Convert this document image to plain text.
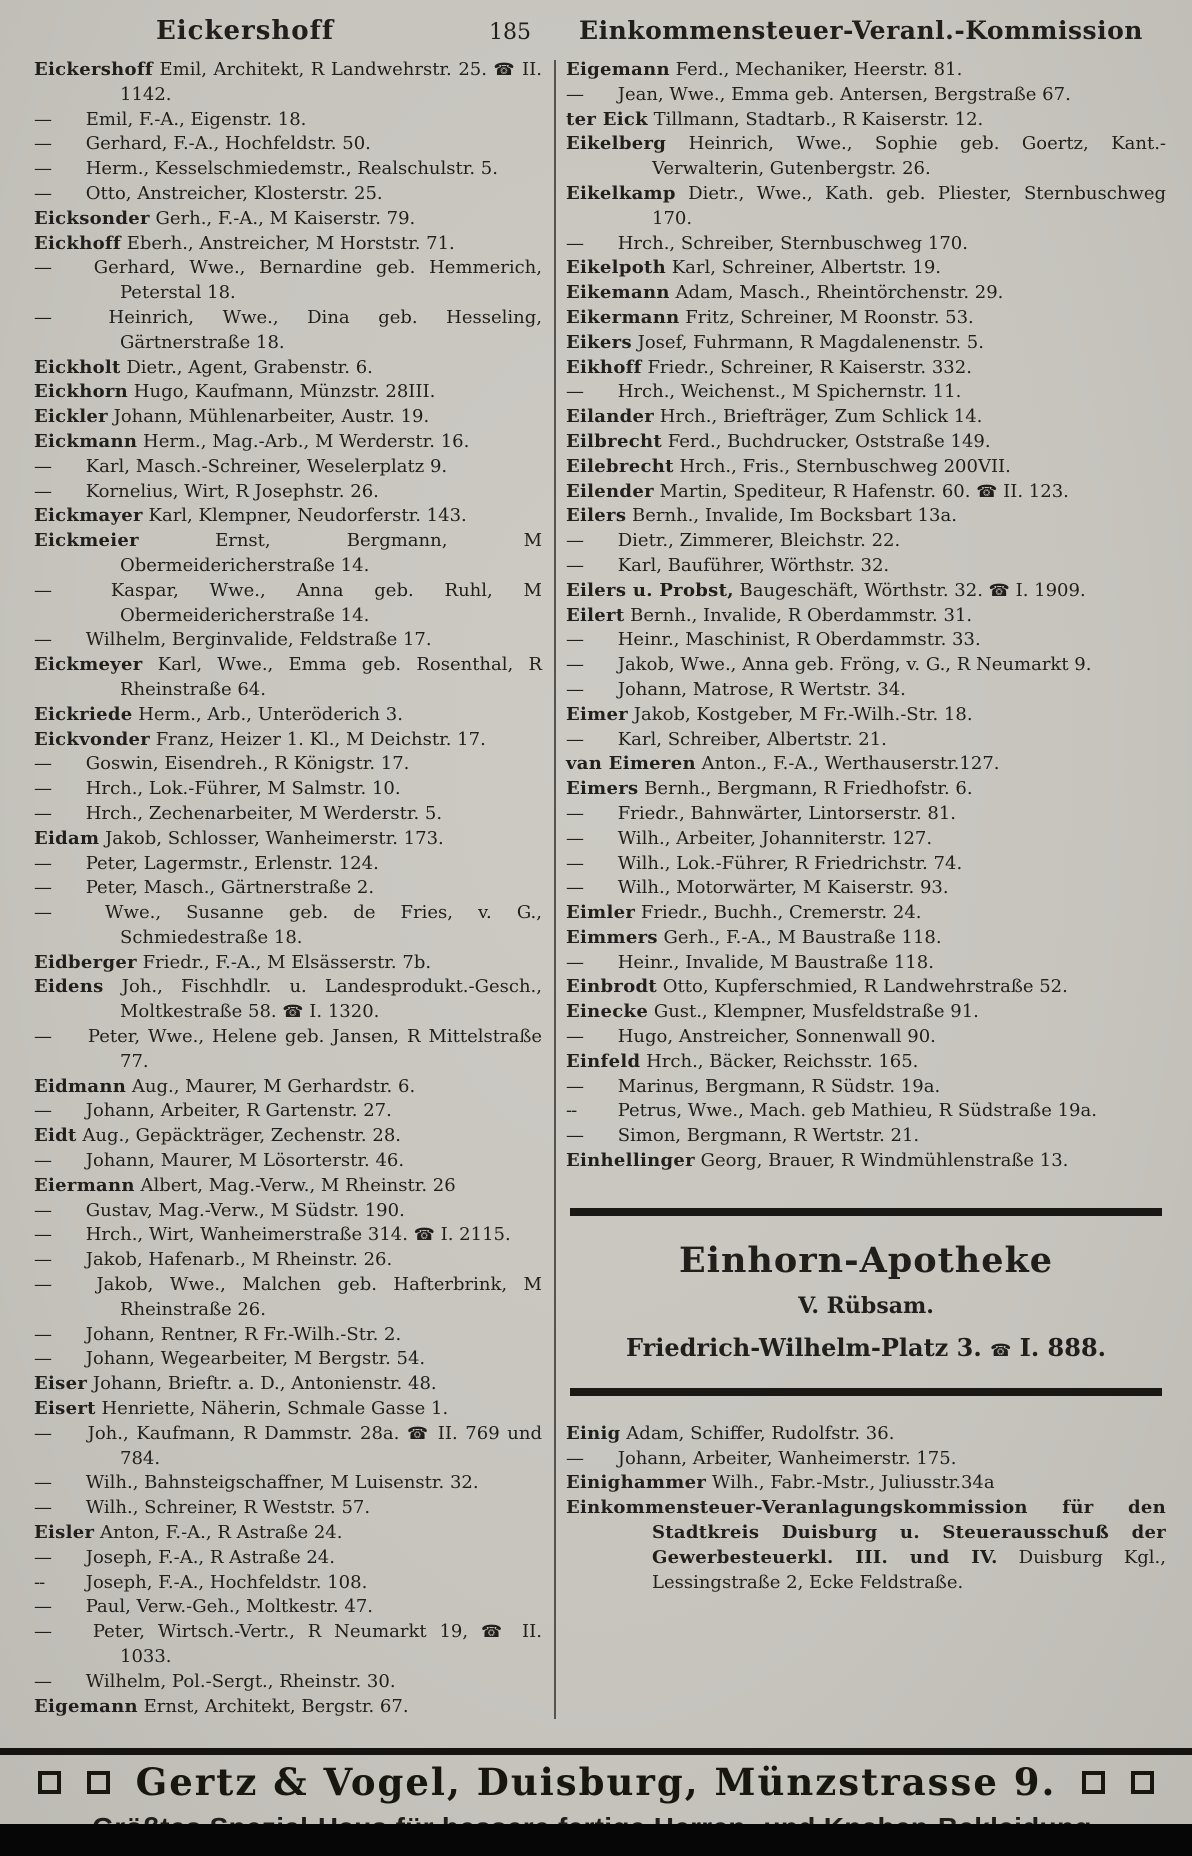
Eickershoff	185	Einkommensteuer-Veranl.-Kommission

Eickershoff Emil, Architekt, R Landwehrstr. 25. ☎ II. 1142.

— Emil, F.-A., Eigenstr. 18.

— Gerhard, F.-A., Hochfeldstr. 50.

— Herm., Kesselschmiedemstr., Realschulstr. 5.

— Otto, Anstreicher, Klosterstr. 25.

Eicksonder Gerh., F.-A., M Kaiserstr. 79.

Eickhoff Eberh., Anstreicher, M Horststr. 71.

— Gerhard, Wwe., Bernardine geb. Hemmerich, Peterstal 18.

— Heinrich, Wwe., Dina geb. Hesseling, Gärtnerstraße 18.

Eickholt Dietr., Agent, Grabenstr. 6.

Eickhorn Hugo, Kaufmann, Münzstr. 28III.

Eickler Johann, Mühlenarbeiter, Austr. 19.

Eickmann Herm., Mag.-Arb., M Werderstr. 16.

— Karl, Masch.-Schreiner, Weselerplatz 9.

— Kornelius, Wirt, R Josephstr. 26.

Eickmayer Karl, Klempner, Neudorferstr. 143.

Eickmeier Ernst, Bergmann, M Obermeidericherstraße 14.

— Kaspar, Wwe., Anna geb. Ruhl, M Obermeidericherstraße 14.

— Wilhelm, Berginvalide, Feldstraße 17.

Eickmeyer Karl, Wwe., Emma geb. Rosenthal, R Rheinstraße 64.

Eickriede Herm., Arb., Unteröderich 3.

Eickvonder Franz, Heizer 1. Kl., M Deichstr. 17.

— Goswin, Eisendreh., R Königstr. 17.

— Hrch., Lok.-Führer, M Salmstr. 10.

— Hrch., Zechenarbeiter, M Werderstr. 5.

Eidam Jakob, Schlosser, Wanheimerstr. 173.

— Peter, Lagermstr., Erlenstr. 124.

— Peter, Masch., Gärtnerstraße 2.

— Wwe., Susanne geb. de Fries, v. G., Schmiedestraße 18.

Eidberger Friedr., F.-A., M Elsässerstr. 7b.

Eidens Joh., Fischhdlr. u. Landesprodukt.-Gesch., Moltkestraße 58. ☎ I. 1320.

— Peter, Wwe., Helene geb. Jansen, R Mittelstraße 77.

Eidmann Aug., Maurer, M Gerhardstr. 6.

— Johann, Arbeiter, R Gartenstr. 27.

Eidt Aug., Gepäckträger, Zechenstr. 28.

— Johann, Maurer, M Lösorterstr. 46.

Eiermann Albert, Mag.-Verw., M Rheinstr. 26

— Gustav, Mag.-Verw., M Südstr. 190.

— Hrch., Wirt, Wanheimerstraße 314. ☎ I. 2115.

— Jakob, Hafenarb., M Rheinstr. 26.

— Jakob, Wwe., Malchen geb. Hafterbrink, M Rheinstraße 26.

— Johann, Rentner, R Fr.-Wilh.-Str. 2.

— Johann, Wegearbeiter, M Bergstr. 54.

Eiser Johann, Brieftr. a. D., Antonienstr. 48.

Eisert Henriette, Näherin, Schmale Gasse 1.

— Joh., Kaufmann, R Dammstr. 28a. ☎ II. 769 und 784.

— Wilh., Bahnsteigschaffner, M Luisenstr. 32.

— Wilh., Schreiner, R Weststr. 57.

Eisler Anton, F.-A., R Astraße 24.

— Joseph, F.-A., R Astraße 24.

-- Joseph, F.-A., Hochfeldstr. 108.

— Paul, Verw.-Geh., Moltkestr. 47.

— Peter, Wirtsch.-Vertr., R Neumarkt 19, ☎ II. 1033.

— Wilhelm, Pol.-Sergt., Rheinstr. 30.

Eigemann Ernst, Architekt, Bergstr. 67.

Eigemann Ferd., Mechaniker, Heerstr. 81.

— Jean, Wwe., Emma geb. Antersen, Bergstraße 67.

ter Eick Tillmann, Stadtarb., R Kaiserstr. 12.

Eikelberg Heinrich, Wwe., Sophie geb. Goertz, Kant.-Verwalterin, Gutenbergstr. 26.

Eikelkamp Dietr., Wwe., Kath. geb. Pliester, Sternbuschweg 170.

— Hrch., Schreiber, Sternbuschweg 170.

Eikelpoth Karl, Schreiner, Albertstr. 19.

Eikemann Adam, Masch., Rheintörchenstr. 29.

Eikermann Fritz, Schreiner, M Roonstr. 53.

Eikers Josef, Fuhrmann, R Magdalenenstr. 5.

Eikhoff Friedr., Schreiner, R Kaiserstr. 332.

— Hrch., Weichenst., M Spichernstr. 11.

Eilander Hrch., Briefträger, Zum Schlick 14.

Eilbrecht Ferd., Buchdrucker, Oststraße 149.

Eilebrecht Hrch., Fris., Sternbuschweg 200VII.

Eilender Martin, Spediteur, R Hafenstr. 60. ☎ II. 123.

Eilers Bernh., Invalide, Im Bocksbart 13a.

— Dietr., Zimmerer, Bleichstr. 22.

— Karl, Bauführer, Wörthstr. 32.

Eilers u. Probst, Baugeschäft, Wörthstr. 32. ☎ I. 1909.

Eilert Bernh., Invalide, R Oberdammstr. 31.

— Heinr., Maschinist, R Oberdammstr. 33.

— Jakob, Wwe., Anna geb. Fröng, v. G., R Neumarkt 9.

— Johann, Matrose, R Wertstr. 34.

Eimer Jakob, Kostgeber, M Fr.-Wilh.-Str. 18.

— Karl, Schreiber, Albertstr. 21.

van Eimeren Anton., F.-A., Werthauserstr.127.

Eimers Bernh., Bergmann, R Friedhofstr. 6.

— Friedr., Bahnwärter, Lintorserstr. 81.

— Wilh., Arbeiter, Johanniterstr. 127.

— Wilh., Lok.-Führer, R Friedrichstr. 74.

— Wilh., Motorwärter, M Kaiserstr. 93.

Eimler Friedr., Buchh., Cremerstr. 24.

Eimmers Gerh., F.-A., M Baustraße 118.

— Heinr., Invalide, M Baustraße 118.

Einbrodt Otto, Kupferschmied, R Landwehrstraße 52.

Einecke Gust., Klempner, Musfeldstraße 91.

— Hugo, Anstreicher, Sonnenwall 90.

Einfeld Hrch., Bäcker, Reichsstr. 165.

— Marinus, Bergmann, R Südstr. 19a.

-- Petrus, Wwe., Mach. geb Mathieu, R Südstraße 19a.

— Simon, Bergmann, R Wertstr. 21.

Einhellinger Georg, Brauer, R Windmühlenstraße 13.

Einhorn-Apotheke
V. Rübsam.
Friedrich-Wilhelm-Platz 3. ☎ I. 888.

Einig Adam, Schiffer, Rudolfstr. 36.

— Johann, Arbeiter, Wanheimerstr. 175.

Einighammer Wilh., Fabr.-Mstr., Juliusstr.34a

Einkommensteuer-Veranlagungskommission für den Stadtkreis Duisburg u. Steuerausschuß der Gewerbesteuerkl. III. und IV. Duisburg Kgl., Lessingstraße 2, Ecke Feldstraße.

Gertz & Vogel, Duisburg, Münzstrasse 9.
